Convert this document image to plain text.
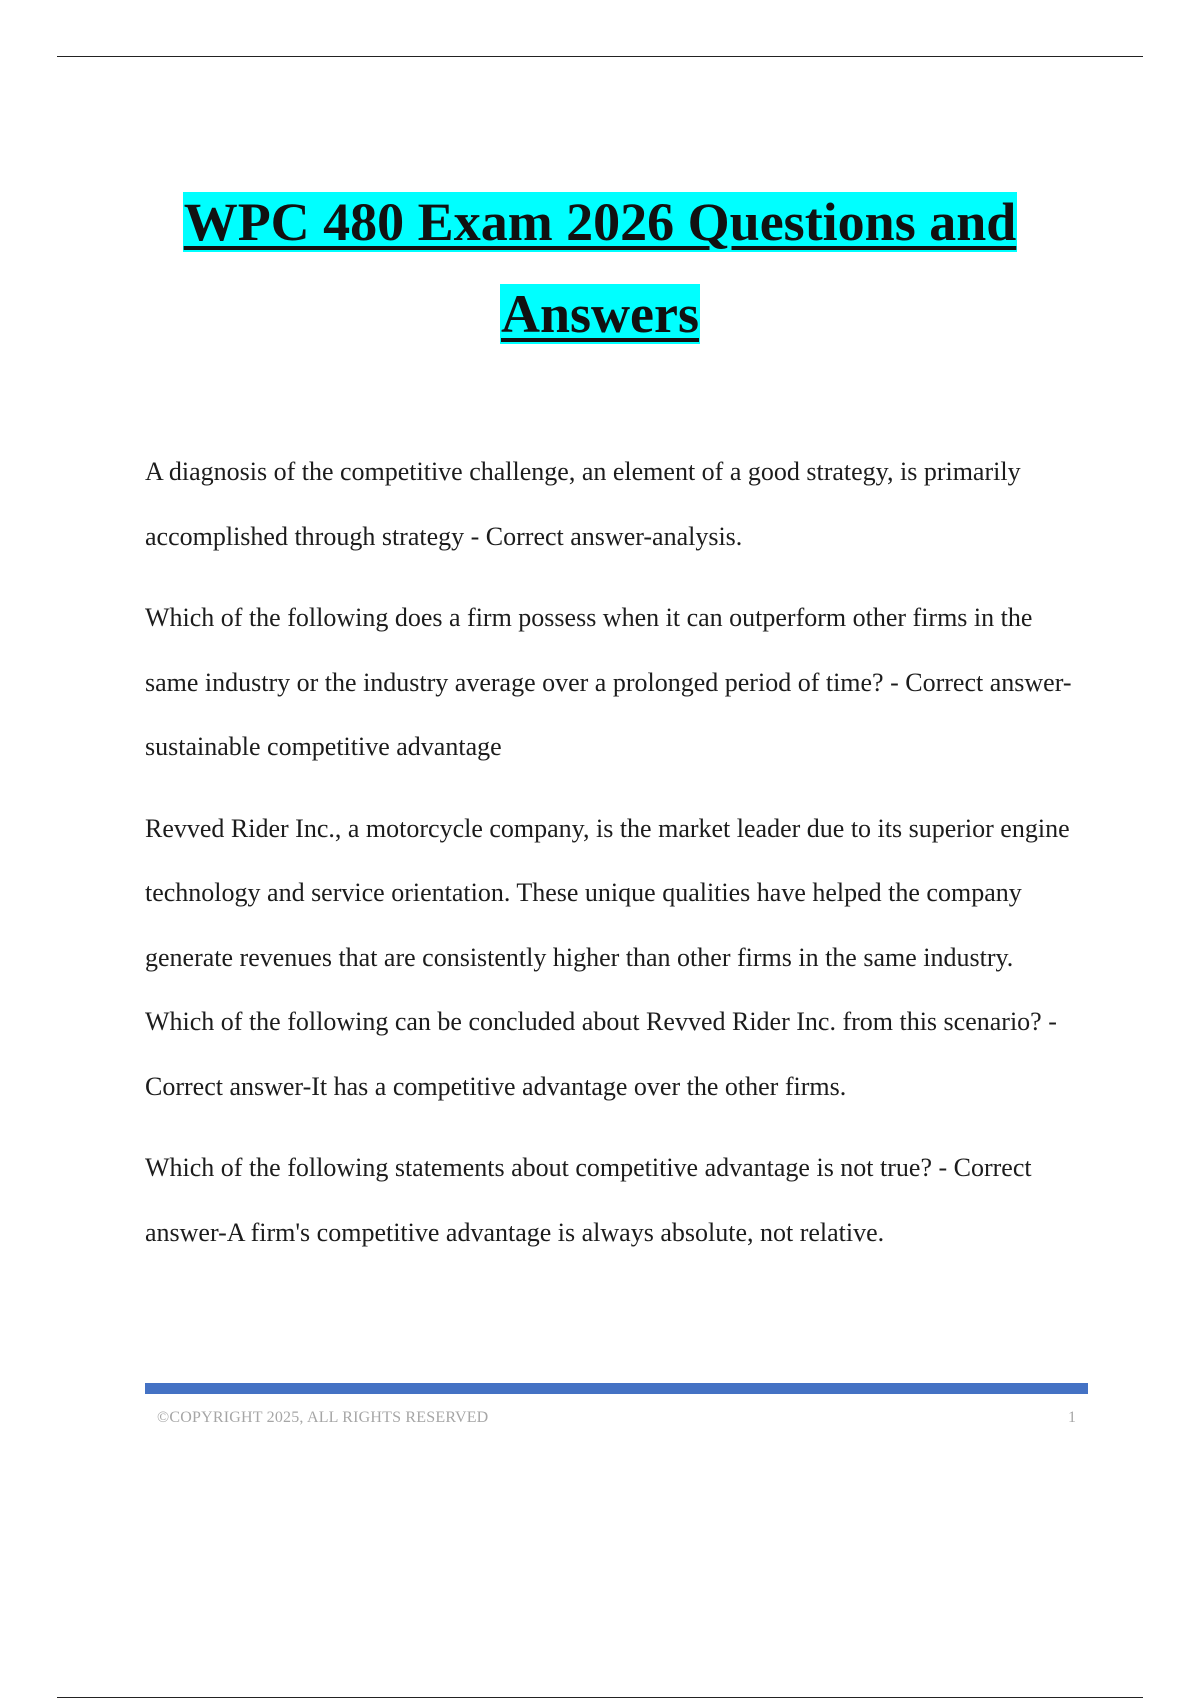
WPC 480 Exam 2026 Questions and
Answers

A diagnosis of the competitive challenge, an element of a good strategy, is primarily accomplished through strategy - Correct answer-analysis.

Which of the following does a firm possess when it can outperform other firms in the same industry or the industry average over a prolonged period of time? - Correct answer-sustainable competitive advantage

Revved Rider Inc., a motorcycle company, is the market leader due to its superior engine technology and service orientation. These unique qualities have helped the company generate revenues that are consistently higher than other firms in the same industry. Which of the following can be concluded about Revved Rider Inc. from this scenario? - Correct answer-It has a competitive advantage over the other firms.

Which of the following statements about competitive advantage is not true? - Correct answer-A firm's competitive advantage is always absolute, not relative.

©COPYRIGHT 2025, ALL RIGHTS RESERVED	1
